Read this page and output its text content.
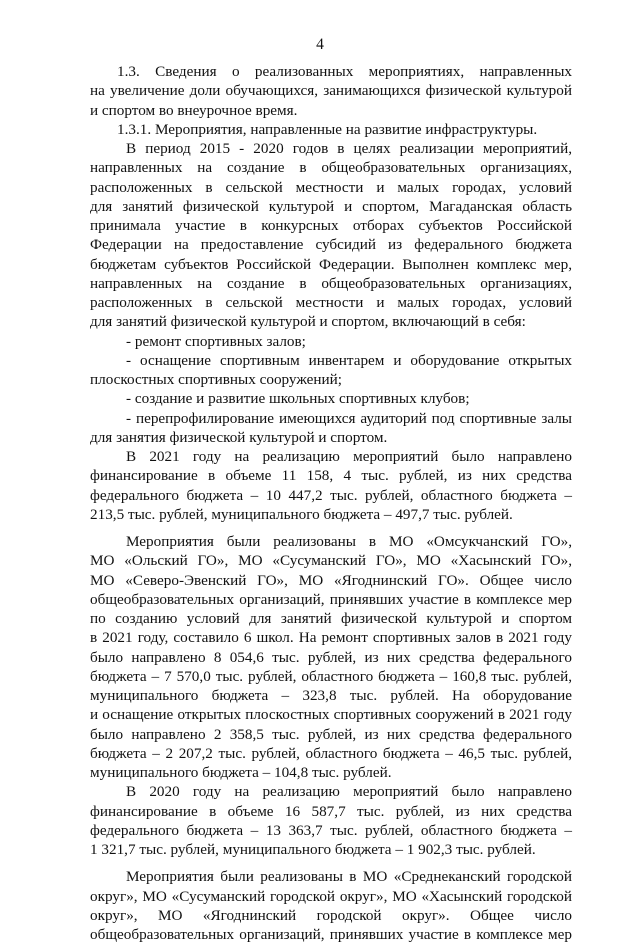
4
1.3. Сведения о реализованных мероприятиях, направленных
на увеличение доли обучающихся, занимающихся физической культурой
и спортом во внеурочное время.
1.3.1. Мероприятия, направленные на развитие инфраструктуры.
В период 2015 - 2020 годов в целях реализации мероприятий,
направленных на создание в общеобразовательных организациях,
расположенных в сельской местности и малых городах, условий
для занятий физической культурой и спортом, Магаданская область
принимала участие в конкурсных отборах субъектов Российской
Федерации на предоставление субсидий из федерального бюджета
бюджетам субъектов Российской Федерации. Выполнен комплекс мер,
направленных на создание в общеобразовательных организациях,
расположенных в сельской местности и малых городах, условий
для занятий физической культурой и спортом, включающий в себя:
- ремонт спортивных залов;
- оснащение спортивным инвентарем и оборудование открытых
плоскостных спортивных сооружений;
- создание и развитие школьных спортивных клубов;
- перепрофилирование имеющихся аудиторий под спортивные залы
для занятия физической культурой и спортом.
В 2021 году на реализацию мероприятий было направлено
финансирование в объеме 11 158, 4 тыс. рублей, из них средства
федерального бюджета – 10 447,2 тыс. рублей, областного бюджета –
213,5 тыс. рублей, муниципального бюджета – 497,7 тыс. рублей.
Мероприятия были реализованы в МО «Омсукчанский ГО»,
МО «Ольский ГО», МО «Сусуманский ГО», МО «Хасынский ГО»,
МО «Северо-Эвенский ГО», МО «Ягоднинский ГО». Общее число
общеобразовательных организаций, принявших участие в комплексе мер
по созданию условий для занятий физической культурой и спортом
в 2021 году, составило 6 школ. На ремонт спортивных залов в 2021 году
было направлено 8 054,6 тыс. рублей, из них средства федерального
бюджета – 7 570,0 тыс. рублей, областного бюджета – 160,8 тыс. рублей,
муниципального бюджета – 323,8 тыс. рублей. На оборудование
и оснащение открытых плоскостных спортивных сооружений в 2021 году
было направлено 2 358,5 тыс. рублей, из них средства федерального
бюджета – 2 207,2 тыс. рублей, областного бюджета – 46,5 тыс. рублей,
муниципального бюджета – 104,8 тыс. рублей.
В 2020 году на реализацию мероприятий было направлено
финансирование в объеме 16 587,7 тыс. рублей, из них средства
федерального бюджета – 13 363,7 тыс. рублей, областного бюджета –
1 321,7 тыс. рублей, муниципального бюджета – 1 902,3 тыс. рублей.
Мероприятия были реализованы в МО «Среднеканский городской
округ», МО «Сусуманский городской округ», МО «Хасынский городской
округ», МО «Ягоднинский городской округ». Общее число
общеобразовательных организаций, принявших участие в комплексе мер
